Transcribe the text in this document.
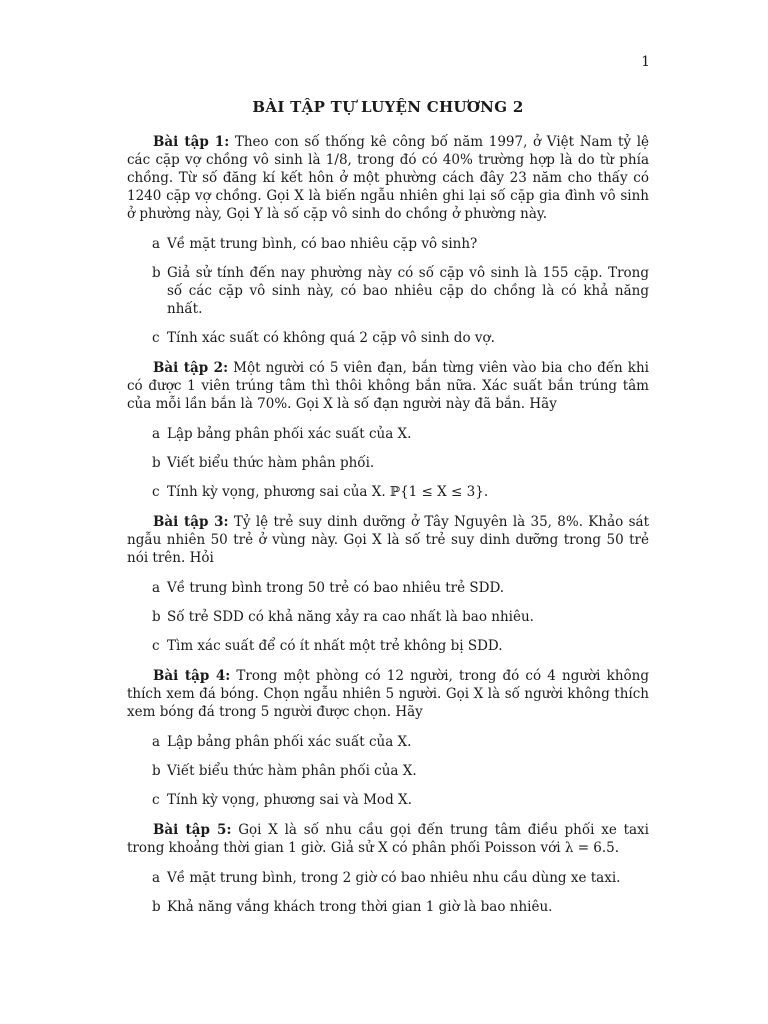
1
BÀI TẬP TỰ LUYỆN CHƯƠNG 2

Bài tập 1: Theo con số thống kê công bố năm 1997, ở Việt Nam tỷ lệ các cặp vợ chồng vô sinh là 1/8, trong đó có 40% trường hợp là do từ phía chồng. Từ số đăng kí kết hôn ở một phường cách đây 23 năm cho thấy có 1240 cặp vợ chồng. Gọi X là biến ngẫu nhiên ghi lại số cặp gia đình vô sinh ở phường này, Gọi Y là số cặp vô sinh do chồng ở phường này.

a Về mặt trung bình, có bao nhiêu cặp vô sinh?
b Giả sử tính đến nay phường này có số cặp vô sinh là 155 cặp. Trong số các cặp vô sinh này, có bao nhiêu cặp do chồng là có khả năng nhất.
c Tính xác suất có không quá 2 cặp vô sinh do vợ.

Bài tập 2: Một người có 5 viên đạn, bắn từng viên vào bia cho đến khi có được 1 viên trúng tâm thì thôi không bắn nữa. Xác suất bắn trúng tâm của mỗi lần bắn là 70%. Gọi X là số đạn người này đã bắn. Hãy

a Lập bảng phân phối xác suất của X.
b Viết biểu thức hàm phân phối.
c Tính kỳ vọng, phương sai của X. ℙ{1 ≤ X ≤ 3}.

Bài tập 3: Tỷ lệ trẻ suy dinh dưỡng ở Tây Nguyên là 35, 8%. Khảo sát ngẫu nhiên 50 trẻ ở vùng này. Gọi X là số trẻ suy dinh dưỡng trong 50 trẻ nói trên. Hỏi

a Về trung bình trong 50 trẻ có bao nhiêu trẻ SDD.
b Số trẻ SDD có khả năng xảy ra cao nhất là bao nhiêu.
c Tìm xác suất để có ít nhất một trẻ không bị SDD.

Bài tập 4: Trong một phòng có 12 người, trong đó có 4 người không thích xem đá bóng. Chọn ngẫu nhiên 5 người. Gọi X là số người không thích xem bóng đá trong 5 người được chọn. Hãy

a Lập bảng phân phối xác suất của X.
b Viết biểu thức hàm phân phối của X.
c Tính kỳ vọng, phương sai và Mod X.

Bài tập 5: Gọi X là số nhu cầu gọi đến trung tâm điều phối xe taxi trong khoảng thời gian 1 giờ. Giả sử X có phân phối Poisson với λ = 6.5.

a Về mặt trung bình, trong 2 giờ có bao nhiêu nhu cầu dùng xe taxi.
b Khả năng vắng khách trong thời gian 1 giờ là bao nhiêu.
